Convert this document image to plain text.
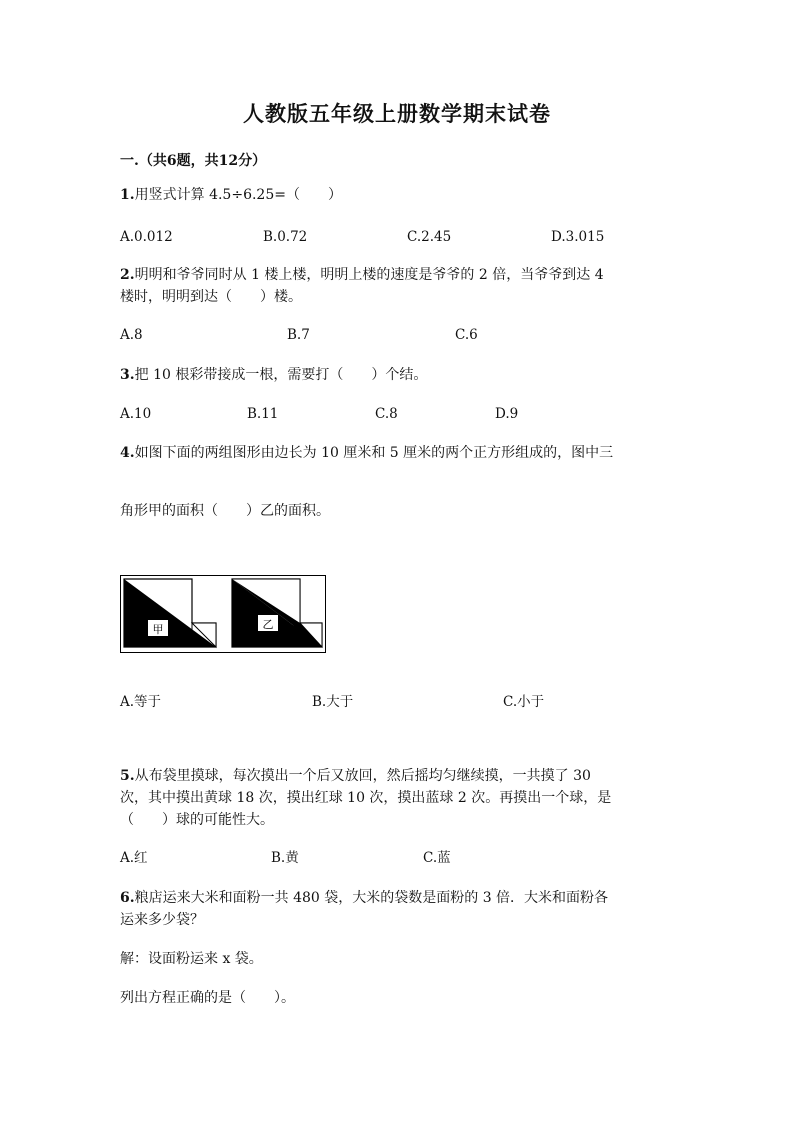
人教版五年级上册数学期末试卷
一.（共6题，共12分）
1.用竖式计算 4.5÷6.25=（　　）
A.0.012	B.0.72	C.2.45	D.3.015
2.明明和爷爷同时从 1 楼上楼，明明上楼的速度是爷爷的 2 倍，当爷爷到达 4
楼时，明明到达（　　）楼。
A.8	B.7	C.6
3.把 10 根彩带接成一根，需要打（　　）个结。
A.10	B.11	C.8	D.9
4.如图下面的两组图形由边长为 10 厘米和 5 厘米的两个正方形组成的，图中三
角形甲的面积（　　）乙的面积。
甲	乙
A.等于	B.大于	C.小于
5.从布袋里摸球，每次摸出一个后又放回，然后摇均匀继续摸，一共摸了 30
次，其中摸出黄球 18 次，摸出红球 10 次，摸出蓝球 2 次。再摸出一个球，是
（　　）球的可能性大。
A.红	B.黄	C.蓝
6.粮店运来大米和面粉一共 480 袋，大米的袋数是面粉的 3 倍．大米和面粉各
运来多少袋？
解：设面粉运来 x 袋。
列出方程正确的是（　　）。
